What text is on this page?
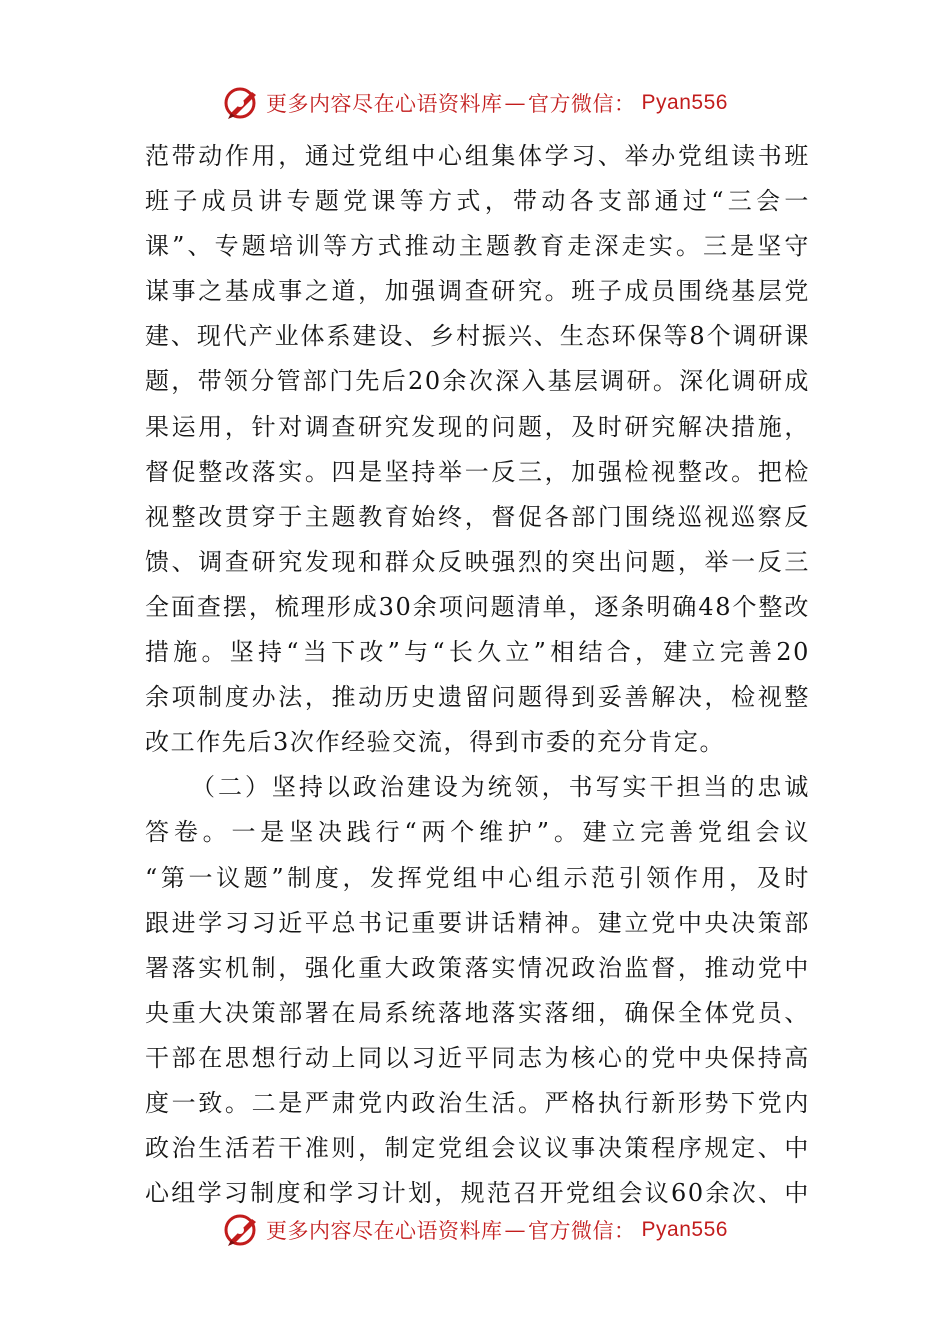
更多内容尽在心语资料库 — 官方微信： Pyan556
范带动作用，通过党组中心组集体学习、举办党组读书班
班子成员讲专题党课等方式，带动各支部通过“三会一
课”、专题培训等方式推动主题教育走深走实。三是坚守
谋事之基成事之道，加强调查研究。班子成员围绕基层党
建、现代产业体系建设、乡村振兴、生态环保等8个调研课
题，带领分管部门先后20余次深入基层调研。深化调研成
果运用，针对调查研究发现的问题，及时研究解决措施，
督促整改落实。四是坚持举一反三，加强检视整改。把检
视整改贯穿于主题教育始终，督促各部门围绕巡视巡察反
馈、调查研究发现和群众反映强烈的突出问题，举一反三
全面查摆，梳理形成30余项问题清单，逐条明确48个整改
措施。坚持“当下改”与“长久立”相结合，建立完善20
余项制度办法，推动历史遗留问题得到妥善解决，检视整
改工作先后3次作经验交流，得到市委的充分肯定。
（二）坚持以政治建设为统领，书写实干担当的忠诚
答卷。一是坚决践行“两个维护”。建立完善党组会议
“第一议题”制度，发挥党组中心组示范引领作用，及时
跟进学习习近平总书记重要讲话精神。建立党中央决策部
署落实机制，强化重大政策落实情况政治监督，推动党中
央重大决策部署在局系统落地落实落细，确保全体党员、
干部在思想行动上同以习近平同志为核心的党中央保持高
度一致。二是严肃党内政治生活。严格执行新形势下党内
政治生活若干准则，制定党组会议议事决策程序规定、中
心组学习制度和学习计划，规范召开党组会议60余次、中
更多内容尽在心语资料库 — 官方微信： Pyan556
